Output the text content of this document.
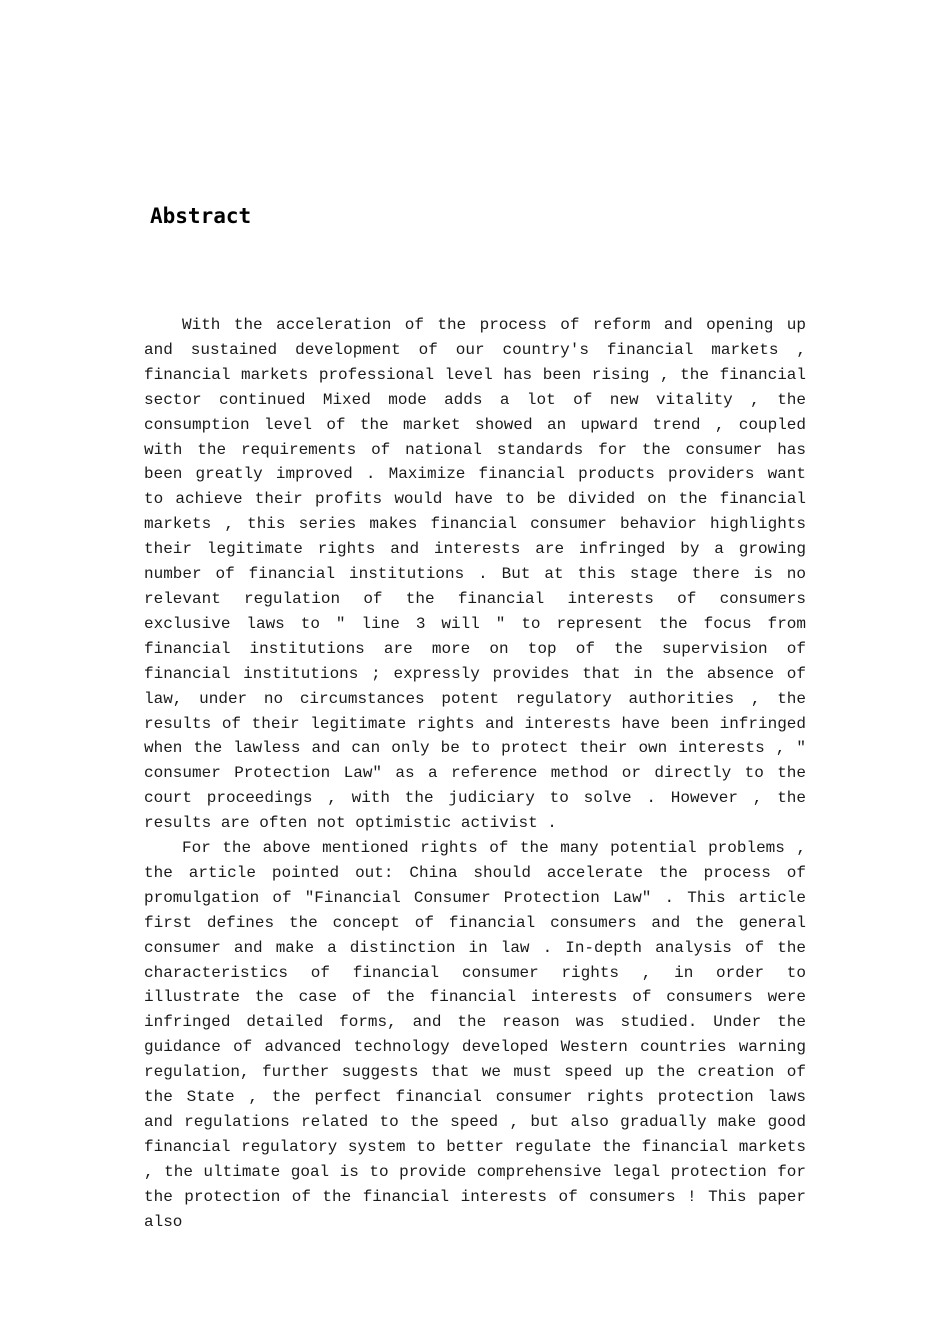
Abstract

With the acceleration of the process of reform and opening up and sustained development of our country's financial markets , financial markets professional level has been rising , the financial sector continued Mixed mode adds a lot of new vitality , the consumption level of the market showed an upward trend , coupled with the requirements of national standards for the consumer has been greatly improved . Maximize financial products providers want to achieve their profits would have to be divided on the financial markets , this series makes financial consumer behavior highlights their legitimate rights and interests are infringed by a growing number of financial institutions . But at this stage there is no relevant regulation of the financial interests of consumers exclusive laws to " line 3 will " to represent the focus from financial institutions are more on top of the supervision of financial institutions ; expressly provides that in the absence of law, under no circumstances potent regulatory authorities , the results of their legitimate rights and interests have been infringed when the lawless and can only be to protect their own interests , " consumer Protection Law" as a reference method or directly to the court proceedings , with the judiciary to solve . However , the results are often not optimistic activist .

For the above mentioned rights of the many potential problems , the article pointed out: China should accelerate the process of promulgation of "Financial Consumer Protection Law" . This article first defines the concept of financial consumers and the general consumer and make a distinction in law . In-depth analysis of the characteristics of financial consumer rights , in order to illustrate the case of the financial interests of consumers were infringed detailed forms, and the reason was studied. Under the guidance of advanced technology developed Western countries warning regulation, further suggests that we must speed up the creation of the State , the perfect financial consumer rights protection laws and regulations related to the speed , but also gradually make good financial regulatory system to better regulate the financial markets , the ultimate goal is to provide comprehensive legal protection for the protection of the financial interests of consumers ! This paper also
